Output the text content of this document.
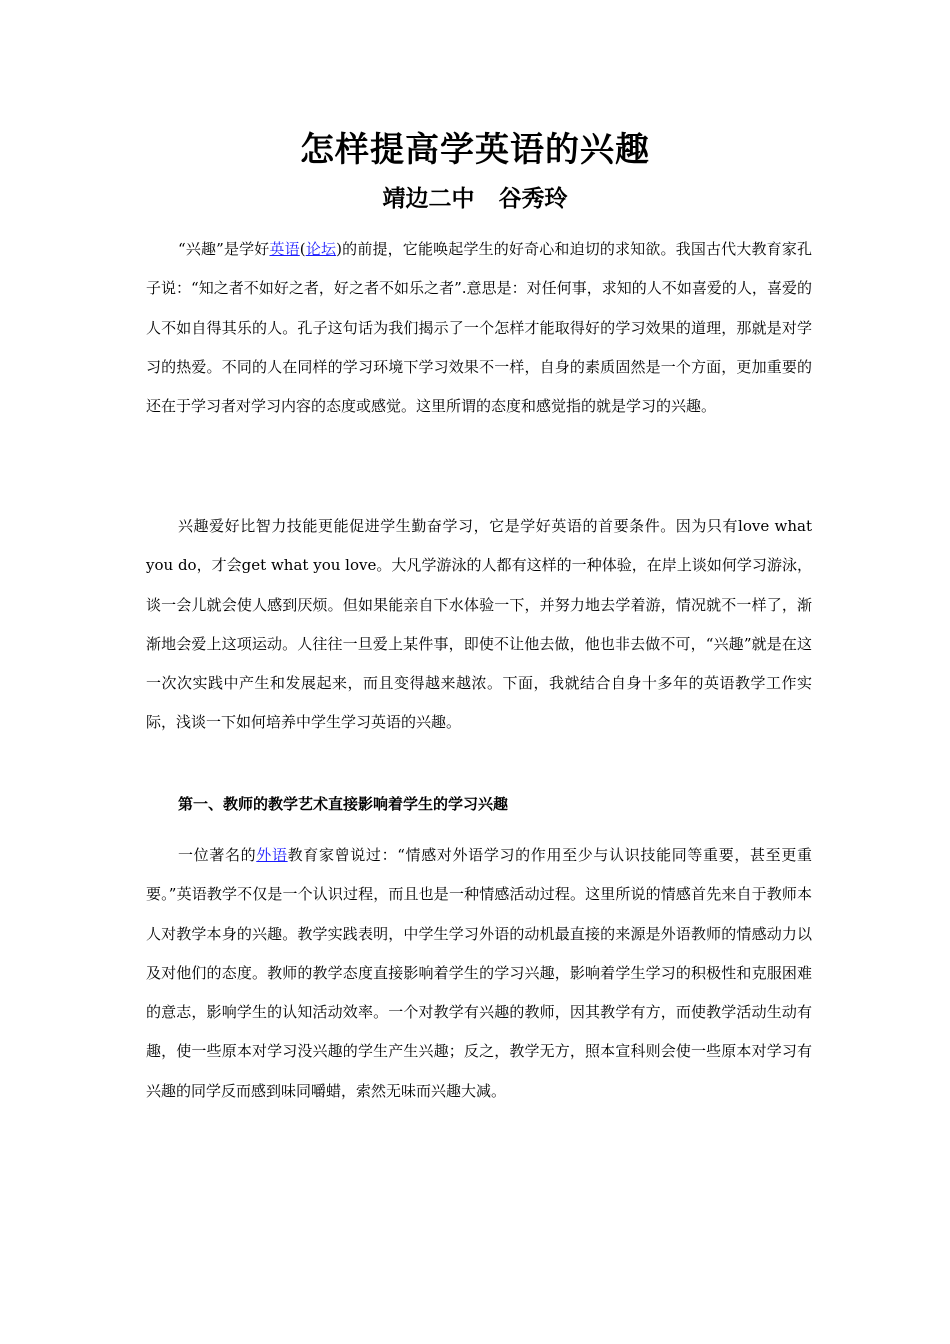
怎样提高学英语的兴趣
靖边二中 谷秀玲

“兴趣”是学好英语(论坛)的前提，它能唤起学生的好奇心和迫切的求知欲。我国古代大教育家孔子说：“知之者不如好之者，好之者不如乐之者”.意思是：对任何事，求知的人不如喜爱的人，喜爱的人不如自得其乐的人。孔子这句话为我们揭示了一个怎样才能取得好的学习效果的道理，那就是对学习的热爱。不同的人在同样的学习环境下学习效果不一样，自身的素质固然是一个方面，更加重要的还在于学习者对学习内容的态度或感觉。这里所谓的态度和感觉指的就是学习的兴趣。

兴趣爱好比智力技能更能促进学生勤奋学习，它是学好英语的首要条件。因为只有love what you do，才会get what you love。大凡学游泳的人都有这样的一种体验，在岸上谈如何学习游泳，谈一会儿就会使人感到厌烦。但如果能亲自下水体验一下，并努力地去学着游，情况就不一样了，渐渐地会爱上这项运动。人往往一旦爱上某件事，即使不让他去做，他也非去做不可，“兴趣”就是在这一次次实践中产生和发展起来，而且变得越来越浓。下面，我就结合自身十多年的英语教学工作实际，浅谈一下如何培养中学生学习英语的兴趣。

第一、教师的教学艺术直接影响着学生的学习兴趣

一位著名的外语教育家曾说过：“情感对外语学习的作用至少与认识技能同等重要，甚至更重要。”英语教学不仅是一个认识过程，而且也是一种情感活动过程。这里所说的情感首先来自于教师本人对教学本身的兴趣。教学实践表明，中学生学习外语的动机最直接的来源是外语教师的情感动力以及对他们的态度。教师的教学态度直接影响着学生的学习兴趣，影响着学生学习的积极性和克服困难的意志，影响学生的认知活动效率。一个对教学有兴趣的教师，因其教学有方，而使教学活动生动有趣，使一些原本对学习没兴趣的学生产生兴趣；反之，教学无方，照本宣科则会使一些原本对学习有兴趣的同学反而感到味同嚼蜡，索然无味而兴趣大减。
